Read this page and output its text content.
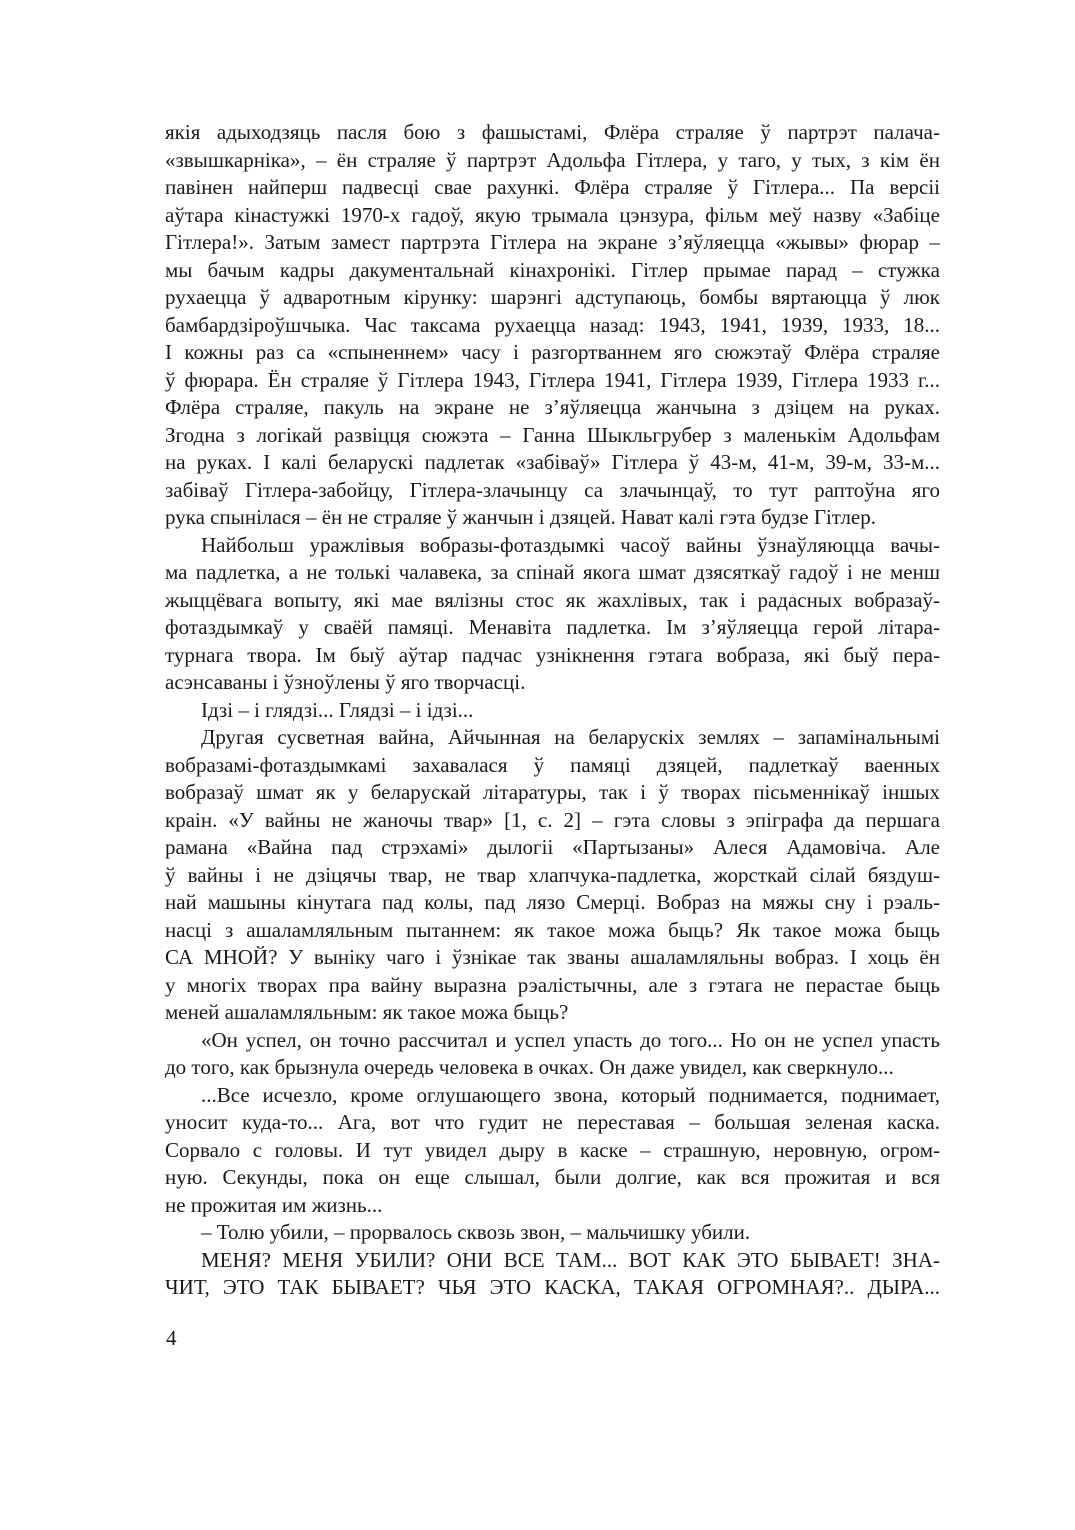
якія адыходзяць пасля бою з фашыстамі, Флёра страляе ў партрэт палача-
«звышкарніка», – ён страляе ў партрэт Адольфа Гітлера, у таго, у тых, з кім ён
павінен найперш падвесці свае рахункі. Флёра страляе ў Гітлера... Па версіі
аўтара кінастужкі 1970-х гадоў, якую трымала цэнзура, фільм меў назву «Забіце
Гітлера!». Затым замест партрэта Гітлера на экране з’яўляецца «жывы» фюрар –
мы бачым кадры дакументальнай кінахронікі. Гітлер прымае парад – стужка
рухаецца ў адваротным кірунку: шарэнгі адступаюць, бомбы вяртаюцца ў люк
бамбардзіроўшчыка. Час таксама рухаецца назад: 1943, 1941, 1939, 1933, 18...
І кожны раз са «спыненнем» часу і разгортваннем яго сюжэтаў Флёра страляе
ў фюрара. Ён страляе ў Гітлера 1943, Гітлера 1941, Гітлера 1939, Гітлера 1933 г...
Флёра страляе, пакуль на экране не з’яўляецца жанчына з дзіцем на руках.
Згодна з логікай развіцця сюжэта – Ганна Шыкльгрубер з маленькім Адольфам
на руках. І калі беларускі падлетак «забіваў» Гітлера ў 43-м, 41-м, 39-м, 33-м...
забіваў Гітлера-забойцу, Гітлера-злачынцу са злачынцаў, то тут раптоўна яго
рука спынілася – ён не страляе ў жанчын і дзяцей. Нават калі гэта будзе Гітлер.

Найбольш уражлівыя вобразы-фотаздымкі часоў вайны ўзнаўляюцца вачы-
ма падлетка, а не толькі чалавека, за спінай якога шмат дзясяткаў гадоў і не менш
жыццёвага вопыту, які мае вялізны стос як жахлівых, так і радасных вобразаў-
фотаздымкаў у сваёй памяці. Менавіта падлетка. Ім з’яўляецца герой літара-
турнага твора. Ім быў аўтар падчас узнікнення гэтага вобраза, які быў пера-
асэнсаваны і ўзноўлены ў яго творчасці.

Ідзі – і глядзі... Глядзі – і ідзі...

Другая сусветная вайна, Айчынная на беларускіх землях – запамінальнымі
вобразамі-фотаздымкамі захавалася ў памяці дзяцей, падлеткаў ваенных
вобразаў шмат як у беларускай літаратуры, так і ў творах пісьменнікаў іншых
краін. «У вайны не жаночы твар» [1, с. 2] – гэта словы з эпіграфа да першага
рамана «Вайна пад стрэхамі» дылогіі «Партызаны» Алеся Адамовіча. Але
ў вайны і не дзіцячы твар, не твар хлапчука-падлетка, жорсткай сілай бяздуш-
най машыны кінутага пад колы, пад лязо Смерці. Вобраз на мяжы сну і рэаль-
насці з ашаламляльным пытаннем: як такое можа быць? Як такое можа быць
СА МНОЙ? У выніку чаго і ўзнікае так званы ашаламляльны вобраз. І хоць ён
у многіх творах пра вайну выразна рэалістычны, але з гэтага не перастае быць
меней ашаламляльным: як такое можа быць?

«Он успел, он точно рассчитал и успел упасть до того... Но он не успел упасть
до того, как брызнула очередь человека в очках. Он даже увидел, как сверкнуло...

...Все исчезло, кроме оглушающего звона, который поднимается, поднимает,
уносит куда-то... Ага, вот что гудит не переставая – большая зеленая каска.
Сорвало с головы. И тут увидел дыру в каске – страшную, неровную, огром-
ную. Секунды, пока он еще слышал, были долгие, как вся прожитая и вся
не прожитая им жизнь...

– Толю убили, – прорвалось сквозь звон, – мальчишку убили.

МЕНЯ? МЕНЯ УБИЛИ? ОНИ ВСЕ ТАМ... ВОТ КАК ЭТО БЫВАЕТ! ЗНА-
ЧИТ, ЭТО ТАК БЫВАЕТ? ЧЬЯ ЭТО КАСКА, ТАКАЯ ОГРОМНАЯ?.. ДЫРА...

4
